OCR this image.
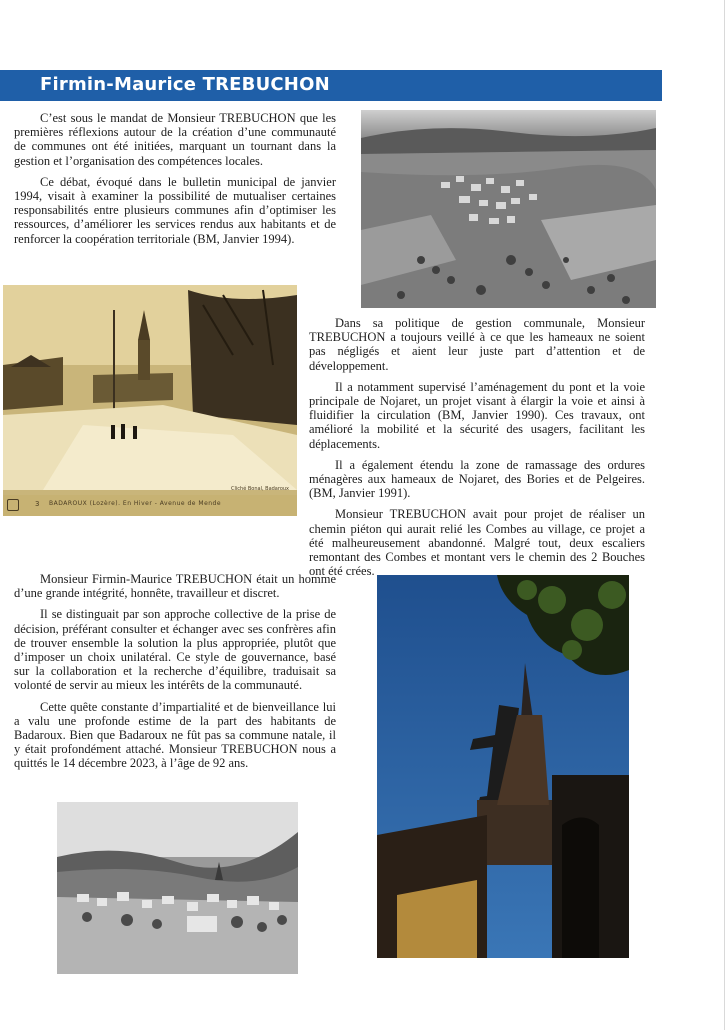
Firmin-Maurice TREBUCHON

C’est sous le mandat de Monsieur TREBUCHON que les premières réflexions autour de la création d’une communauté de communes ont été initiées, marquant un tournant dans la gestion et l’organisation des compétences locales.

Ce débat, évoqué dans le bulletin municipal de janvier 1994, visait à examiner la possibilité de mutualiser certaines responsabilités entre plusieurs communes afin d’optimiser les ressources, d’améliorer les services rendus aux habitants et de renforcer la coopération territoriale (BM, Janvier 1994).

3 BADAROUX (Lozère). En Hiver - Avenue de Mende
Cliché Bonal, Badaroux

Dans sa politique de gestion communale, Monsieur TREBUCHON a toujours veillé à ce que les hameaux ne soient pas négligés et aient leur juste part d’attention et de développement.

Il a notamment supervisé l’aménagement du pont et la voie principale de Nojaret, un projet visant à élargir la voie et ainsi à fluidifier la circulation (BM, Janvier 1990). Ces travaux, ont amélioré la mobilité et la sécurité des usagers, facilitant les déplacements.

Il a également étendu la zone de ramassage des ordures ménagères aux hameaux de Nojaret, des Bories et de Pelgeires. (BM, Janvier 1991).

Monsieur TREBUCHON avait pour projet de réaliser un chemin piéton qui aurait relié les Combes au village, ce projet a été malheureusement abandonné. Malgré tout, deux escaliers remontant des Combes et montant vers le chemin des 2 Bouches ont été crées.

Monsieur Firmin-Maurice TREBUCHON était un homme d’une grande intégrité, honnête, travailleur et discret.

Il se distinguait par son approche collective de la prise de décision, préférant consulter et échanger avec ses confrères afin de trouver ensemble la solution la plus appropriée, plutôt que d’imposer un choix unilatéral. Ce style de gouvernance, basé sur la collaboration et la recherche d’équilibre, traduisait sa volonté de servir au mieux les intérêts de la communauté.

Cette quête constante d’impartialité et de bienveillance lui a valu une profonde estime de la part des habitants de Badaroux. Bien que Badaroux ne fût pas sa commune natale, il y était profondément attaché. Monsieur TREBUCHON nous a quittés le 14 décembre 2023, à l’âge de 92 ans.
